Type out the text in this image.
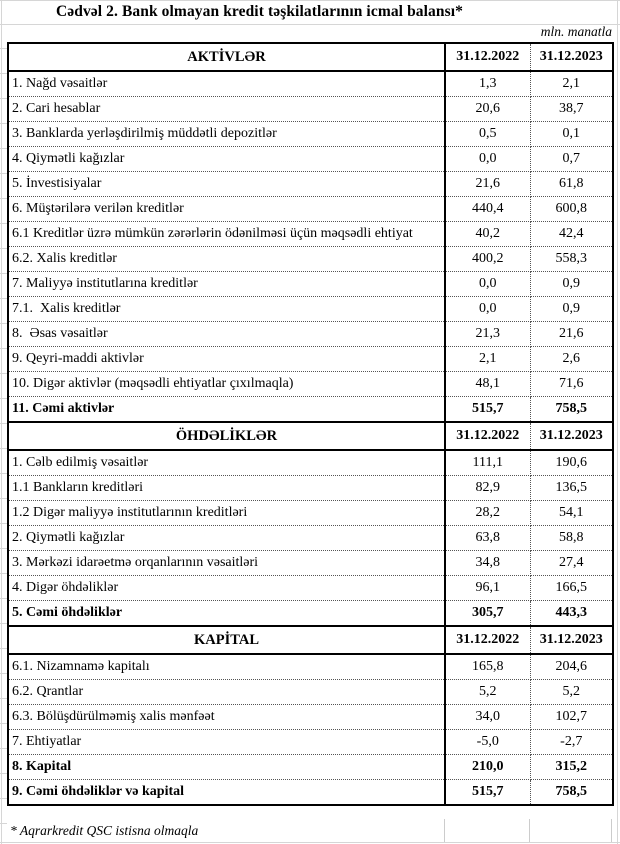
Cədvəl 2. Bank olmayan kredit təşkilatlarının icmal balansı*
mln. manatla
AKTİVLƏR	31.12.2022	31.12.2023
1. Nağd vəsaitlər	1,3	2,1
2. Cari hesablar	20,6	38,7
3. Banklarda yerləşdirilmiş müddətli depozitlər	0,5	0,1
4. Qiymətli kağızlar	0,0	0,7
5. İnvestisiyalar	21,6	61,8
6. Müştərilərə verilən kreditlər	440,4	600,8
6.1 Kreditlər üzrə mümkün zərərlərin ödənilməsi üçün məqsədli ehtiyat	40,2	42,4
6.2. Xalis kreditlər	400,2	558,3
7. Maliyyə institutlarına kreditlər	0,0	0,9
7.1.  Xalis kreditlər	0,0	0,9
8.  Əsas vəsaitlər	21,3	21,6
9. Qeyri-maddi aktivlər	2,1	2,6
10. Digər aktivlər (məqsədli ehtiyatlar çıxılmaqla)	48,1	71,6
11. Cəmi aktivlər	515,7	758,5
ÖHDƏLİKLƏR	31.12.2022	31.12.2023
1. Cəlb edilmiş vəsaitlər	111,1	190,6
1.1 Bankların kreditləri	82,9	136,5
1.2 Digər maliyyə institutlarının kreditləri	28,2	54,1
2. Qiymətli kağızlar	63,8	58,8
3. Mərkəzi idarəetmə orqanlarının vəsaitləri	34,8	27,4
4. Digər öhdəliklər	96,1	166,5
5. Cəmi öhdəliklər	305,7	443,3
KAPİTAL	31.12.2022	31.12.2023
6.1. Nizamnamə kapitalı	165,8	204,6
6.2. Qrantlar	5,2	5,2
6.3. Bölüşdürülməmiş xalis mənfəət	34,0	102,7
7. Ehtiyatlar	-5,0	-2,7
8. Kapital	210,0	315,2
9. Cəmi öhdəliklər və kapital	515,7	758,5
* Aqrarkredit QSC istisna olmaqla
